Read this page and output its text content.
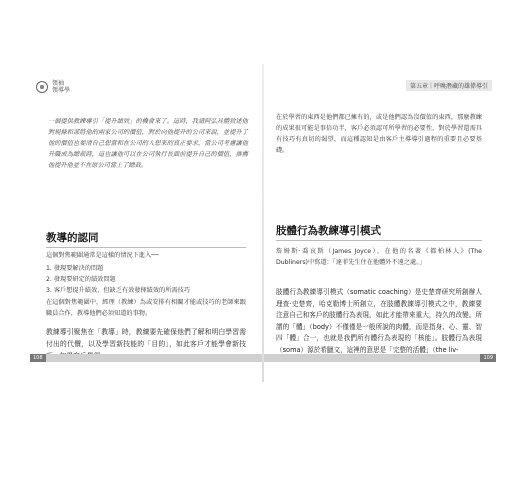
領袖
領導學
一個提供教練導引「提升績效」的機會來了。這時，我請阿弘具體敘述他對規條和部將他的兩家公司的價值，對於向他提升的公司來說，並提升了他的價值也要清自己想當和在公司的人想來的真正要求，當公司考慮讓他升職成為總裁時，這也讓他可以在公司執行長面前提升自己的價值，推薦他提升他並不在原公司當上了總裁。
教導的認同
這個對焦範圍通常是這樣的情況下進入──
1. 發現要解決的問題
2. 發現要研定的績效問題
3. 客戶想提升績效，但缺乏有效發揮績效的所需技巧
在這個對焦範圍中，經理（教練）為或安排有相關才能或技巧的老師來跟職員合作，教導他們必須知道的事物。
教練導引聚焦在「教導」時，教練要先確保他們了解和明白學習需付出的代價，以及學習新技能的「目的」，如此客戶才能學會新技
108
第五章｜呼喚潛藏的雄偉導引
在於學習的東西是他們都已擁有的，或是他們認為沒價值的東西，那麼教練的成果很可能是事倍功半，客戶必須認可所學習的必要性，對於學習還需具有技巧有真切的渴望，而這種認知是由客戶主導導引過程的重要且必要基礎。
肢體行為教練導引模式
詹姆斯‧喬哀斯（James Joyce），在他的名著《都柏林人》(The Dubliners)中寫道：「達菲先生住在他體外不遠之處。」
肢體行為教練導引模式（somatic coaching）是史楚齊研究所創辦人理查‧史楚齊，哈克勒博士所創立，在肢體教練導引模式之中，教練要注意自己和客戶的肢體行為表現，如此才能帶來重大，持久的改變。所謂的「體」（body）不僅僅是一般所說的肉體，而是指身、心、靈、智四「體」合一，也就是我們所有體行為表現的「核能」。肢體行為表現（soma）源於希臘文，這裡的意思是「完整的活體」（the liv-
109
